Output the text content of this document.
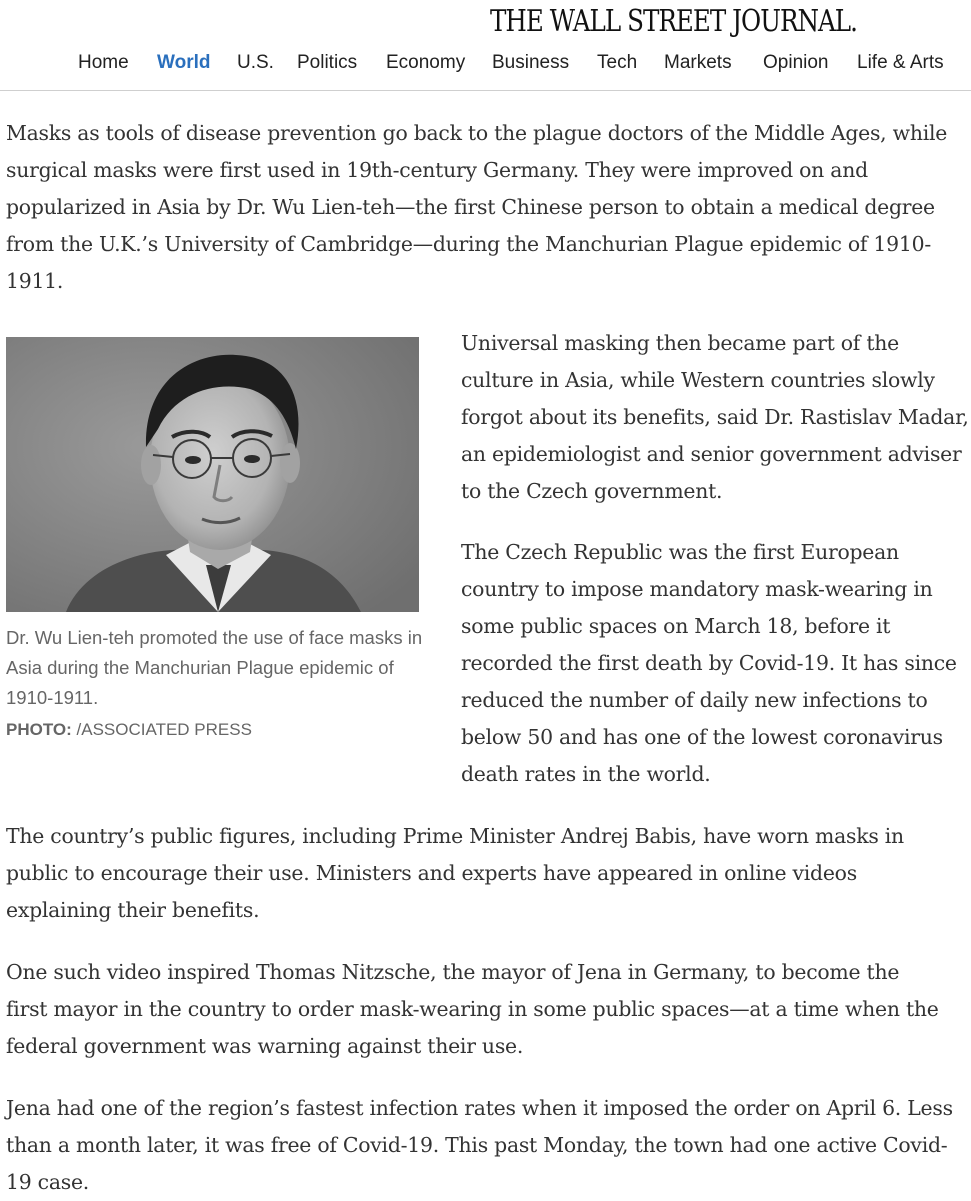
THE WALL STREET JOURNAL.
Home World U.S. Politics Economy Business Tech Markets Opinion Life & Arts

Masks as tools of disease prevention go back to the plague doctors of the Middle Ages, while surgical masks were first used in 19th-century Germany. They were improved on and popularized in Asia by Dr. Wu Lien-teh—the first Chinese person to obtain a medical degree from the U.K.’s University of Cambridge—during the Manchurian Plague epidemic of 1910-1911.

Dr. Wu Lien-teh promoted the use of face masks in Asia during the Manchurian Plague epidemic of 1910-1911.

PHOTO: /ASSOCIATED PRESS

Universal masking then became part of the culture in Asia, while Western countries slowly forgot about its benefits, said Dr. Rastislav Madar, an epidemiologist and senior government adviser to the Czech government.

The Czech Republic was the first European country to impose mandatory mask-wearing in some public spaces on March 18, before it recorded the first death by Covid-19. It has since reduced the number of daily new infections to below 50 and has one of the lowest coronavirus death rates in the world.

The country’s public figures, including Prime Minister Andrej Babis, have worn masks in public to encourage their use. Ministers and experts have appeared in online videos explaining their benefits.

One such video inspired Thomas Nitzsche, the mayor of Jena in Germany, to become the first mayor in the country to order mask-wearing in some public spaces—at a time when the federal government was warning against their use.

Jena had one of the region’s fastest infection rates when it imposed the order on April 6. Less than a month later, it was free of Covid-19. This past Monday, the town had one active Covid-19 case.
